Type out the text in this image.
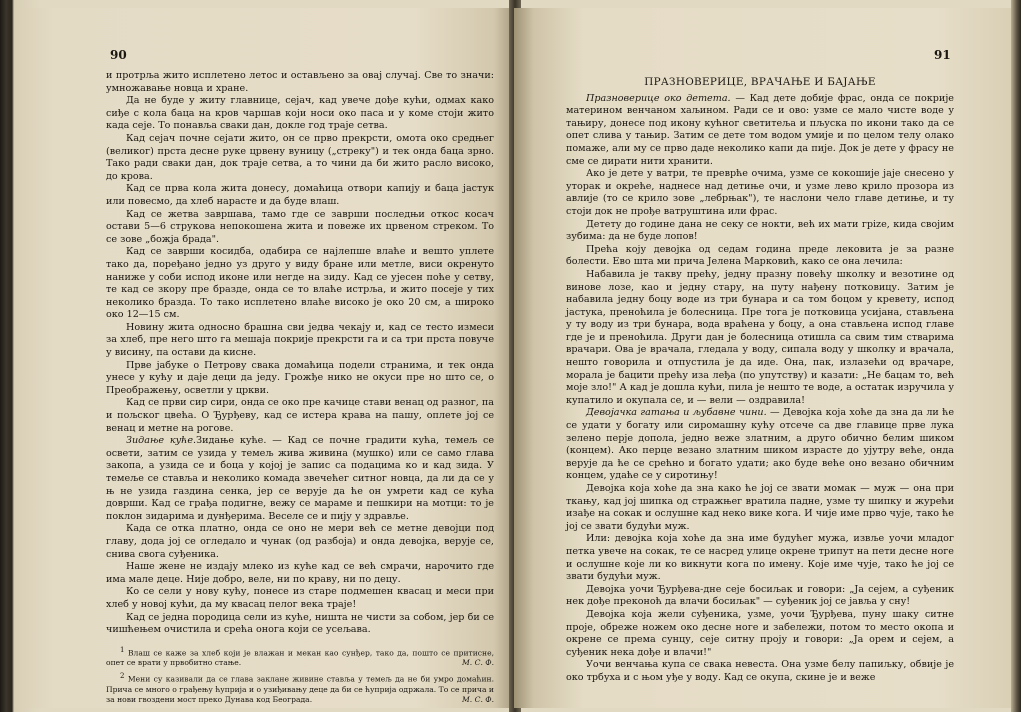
90

и протрља жито исплетено летос и остављено за овај случај. Све то значи: умножавање новца и хране.

Да не буде у житу главнице, сејач, кад увече дође кући, одмах како сиђе с кола баца на кров чаршав који носи око паса и у коме стоји жито када сеје. То понавља сваки дан, докле год траје сетва.

Кад сејач почне сејати жито, он се прво прекрсти, омота око средњег (великог) прста десне руке црвену вуницу („стреку") и тек онда баца зрно. Тако ради сваки дан, док траје сетва, а то чини да би жито расло високо, до крова.

Кад се прва кола жита донесу, домаћица отвори капију и баца јастук или повесмо, да хлеб нарасте и да буде влаш.

Кад се жетва завршава, тамо где се заврши последњи откос косач остави 5—6 струкова непокошена жита и повеже их црвеном стреком. То се зове „божја брада".

Кад се заврши косидба, одабира се најлепше влаће и вешто уплете тако да, поређано једно уз друго у виду бране или метле, виси окренуто наниже у соби испод иконе или негде на зиду. Кад се ујесен поће у сетву, те кад се зкору пре бразде, онда се то влаће истрља, и жито посеје у тих неколико бразда. То тако исплетено влаће високо је око 20 см, а широко око 12—15 см.

Новину жита односно брашна сви једва чекају и, кад се тесто измеси за хлеб, пре него што га мешаја покрије прекрсти га и са три прста повуче у висину, па остави да кисне.

Прве јабуке о Петрову свака домаћица подели странима, и тек онда унесе у кућу и даје деци да једу. Грожђе нико не окуси пре но што се, о Преображењу, осветли у цркви.

Кад се први сир сири, онда се око пре качице стави венац од разног, па и пољског цвећа. О Ђурђеву, кад се истера крава на пашу, оплете јој се венац и метне на рогове.

Зидање куће.Зидање куће. — Кад се почне градити кућа, темељ се освети, затим се узида у темељ жива живина (мушко) или се само глава закопа, а узида се и боца у којој је запис са подацима ко и кад зида. У темеље се ставља и неколико комада звечећег ситног новца, да ли да се у њ не узида газдина сенка, јер се верује да ће он умрети кад се кућа доврши. Кад се грађа подигне, вежу се мараме и пешкири на мотци: то је поклон зидарима и дунђерима. Веселе се и пију у здравље.

Када се отка платно, онда се оно не мери већ се метне девојци под главу, дода јој се огледало и чунак (од разбоја) и онда девојка, верује се, снива свога суђеника.

Наше жене не издају млеко из куће кад се већ смрачи, нарочито где има мале деце. Није добро, веле, ни по краву, ни по децу.

Ко се сели у нову кућу, понесе из старе подмешен квасац и меси при хлеб у новој кући, да му квасац пелог века траје!

Кад се једна породица сели из куће, ништа не чисти за собом, јер би се чишћењем очистила и срећа онога који се усељава.

1 Влаш се каже за хлеб који је влажан и мекан као сунђер, тако да, пошто се притисне, опет се врати у првобитно стање.	М. С. Ф.

2 Мени су казивали да се глава заклане живине ставља у темељ да не би умро домаћин. Прича се много о грађењу ћуприја и о узиђивању деце да би се ћуприја одржала. То се прича и за нови гвоздени мост преко Дунава код Београда.	М. С. Ф.

91

ПРАЗНОВЕРИЦЕ, ВРАЧАЊЕ И БАЈАЊЕ

Празноверице око детета. — Кад дете добије фрас, онда се покрије материном венчаном хаљином. Ради се и ово: узме се мало чисте воде у тањиру, донесе под икону кућног светитеља и пљуска по икони тако да се опет слива у тањир. Затим се дете том водом умије и по целом телу олако помаже, али му се прво даде неколико капи да пије. Док је дете у фрасу не сме се дирати нити хранити.

Ако је дете у ватри, те преврће очима, узме се кокошије јаје снесено у уторак и окреће, наднесе над детиње очи, и узме лево крило прозора из авлије (то се крило зове „лебрњак"), те наслони чело главе детиње, и ту стоји док не прође ватруштина или фрас.

Детету до године дана не секу се нокти, већ их мати грize, кида својим зубима: да не буде лопов!

Прећа коју девојка од седам година преде лековита је за разне болести. Ево шта ми прича Јелена Марковић, како се она лечила:

Набавила је такву прећу, једну празну повећу школку и везотине од виновe лозе, као и једну стару, на путу нађену потковицу. Затим је набавила једну боцу воде из три бунара и са том боцом у кревету, испод јастука, преноћила је болесница. Пре тога је потковица усијана, стављена у ту воду из три бунара, вода враћена у боцу, а она стављена испод главе где је и преноћила. Други дан је болесница отишла са свим тим стварима врачари. Ова је врачала, гледала у воду, сипала воду у школку и врачала, нешто говорила и отпустила је да иде. Она, пак, излазећи од врачаре, морала је бацити прећу иза леђа (по упутству) и казати: „Не бацам то, већ моје зло!" А кад је дошла кући, пила је нешто те воде, а остатак изручила у купатило и окупала се, и — вели — оздравила!

Девојачка гатања и љубавне чини. — Девојка која хоће да зна да ли ће се удати у богату или сиромашну кућу отсече са две главице прве лука зелено перје допола, једно веже златним, а друго обично белим шиком (концем). Ако перце везано златним шиком израсте до ујутру веће, онда верује да ће се срећно и богато удати; ако буде веће оно везано обичним концем, удаће се у сиротињу!

Девојка која хоће да зна како ће јој се звати момак — муж — она при ткању, кад јој шипка од стражњег вратила падне, узме ту шипку и журећи изађе на сокак и ослушне кад неко вике кога. И чије име прво чује, тако ће јој се звати будући муж.

Или: девојка која хоће да зна име будућег мужа, извље уочи младог петка увече на сокак, те се насред улице окрене трипут на пети десне ноге и ослушне које ли ко викнути кога по имену. Које име чује, тако ће јој се звати будући муж.

Девојка уочи Ђурђева-дне сеје босиљак и говори: „Ја сејем, а суђеник нек дође преконоћ да влачи босиљак" — суђеник јој се јавља у сну!

Девојка која жели суђеника, узме, уочи Ђурђева, пуну шаку ситне проје, обреже ножем око десне ноге и забележи, потом то место окопа и окрене се према сунцу, сеје ситну проју и говори: „Ја орем и сејем, а суђеник нека дође и влачи!"

Уочи венчања купа се свака невеста. Она узме белу папиљку, обвије је око трбуха и с њом уђе у воду. Кад се окупа, скине је и веже
